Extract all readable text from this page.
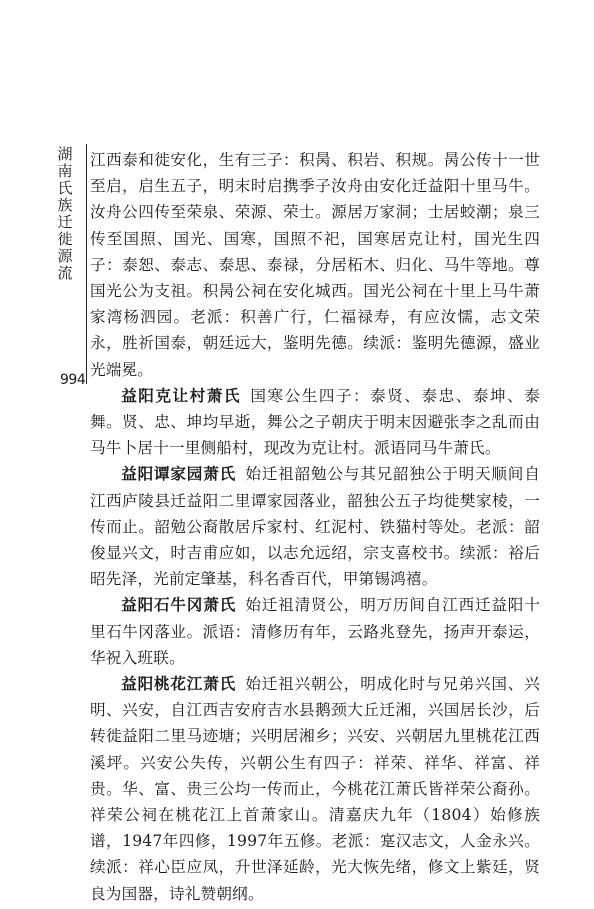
湖南氏族迁徙源流
994

江西泰和徙安化，生有三子：积昺、积岩、积规。昺公传十一世至启，启生五子，明末时启携季子汝舟由安化迁益阳十里马牛。汝舟公四传至荣泉、荣源、荣士。源居万家洞；士居蛟潮；泉三传至国照、国光、国寒，国照不祀，国寒居克让村，国光生四子：泰恕、泰志、泰思、泰禄，分居柘木、归化、马牛等地。尊国光公为支祖。积昺公祠在安化城西。国光公祠在十里上马牛萧家湾杨泗园。老派：积善广行，仁福禄寿，有应汝懦，志文荣永，胜祈国泰，朝廷远大，鉴明先德。续派：鉴明先德源，盛业光端冕。

益阳克让村萧氏 国寒公生四子：泰贤、泰忠、泰坤、泰舞。贤、忠、坤均早逝，舞公之子朝庆于明末因避张李之乱而由马牛卜居十一里侧船村，现改为克让村。派语同马牛萧氏。

益阳谭家园萧氏 始迁祖韶勉公与其兄韶独公于明天顺间自江西庐陵县迁益阳二里谭家园落业，韶独公五子均徙樊家棱，一传而止。韶勉公裔散居斥家村、红泥村、铁猫村等处。老派：韶俊显兴文，时吉甫应如，以志允远绍，宗支喜校书。续派：裕后昭先泽，光前定肇基，科名香百代，甲第锡鸿禧。

益阳石牛冈萧氏 始迁祖清贤公，明万历间自江西迁益阳十里石牛冈落业。派语：清修历有年，云路兆登先，扬声开泰运，华祝入班联。

益阳桃花江萧氏 始迁祖兴朝公，明成化时与兄弟兴国、兴明、兴安，自江西吉安府吉水县鹅颈大丘迁湘，兴国居长沙，后转徙益阳二里马迹塘；兴明居湘乡；兴安、兴朝居九里桃花江西溪坪。兴安公失传，兴朝公生有四子：祥荣、祥华、祥富、祥贵。华、富、贵三公均一传而止，今桃花江萧氏皆祥荣公裔孙。祥荣公祠在桃花江上首萧家山。清嘉庆九年（1804）始修族谱，1947年四修，1997年五修。老派：寔汉志文，人金永兴。续派：祥心臣应凤，升世泽延龄，光大恢先绪，修文上紫廷，贤良为国器，诗礼赞朝纲。
